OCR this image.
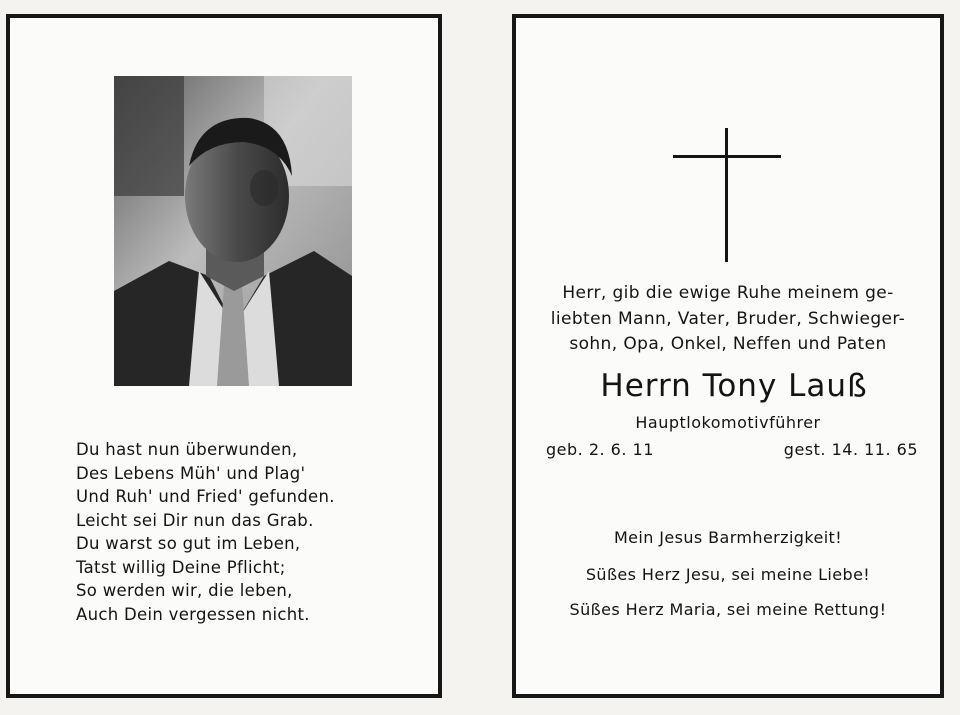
Du hast nun überwunden,
Des Lebens Müh' und Plag'
Und Ruh' und Fried' gefunden.
Leicht sei Dir nun das Grab.
Du warst so gut im Leben,
Tatst willig Deine Pflicht;
So werden wir, die leben,
Auch Dein vergessen nicht.
Herr, gib die ewige Ruhe meinem ge-
liebten Mann, Vater, Bruder, Schwieger-
sohn, Opa, Onkel, Neffen und Paten
Herrn Tony Lauß
Hauptlokomotivführer
geb. 2. 6. 11	gest. 14. 11. 65
Mein Jesus Barmherzigkeit!
Süßes Herz Jesu, sei meine Liebe!
Süßes Herz Maria, sei meine Rettung!
